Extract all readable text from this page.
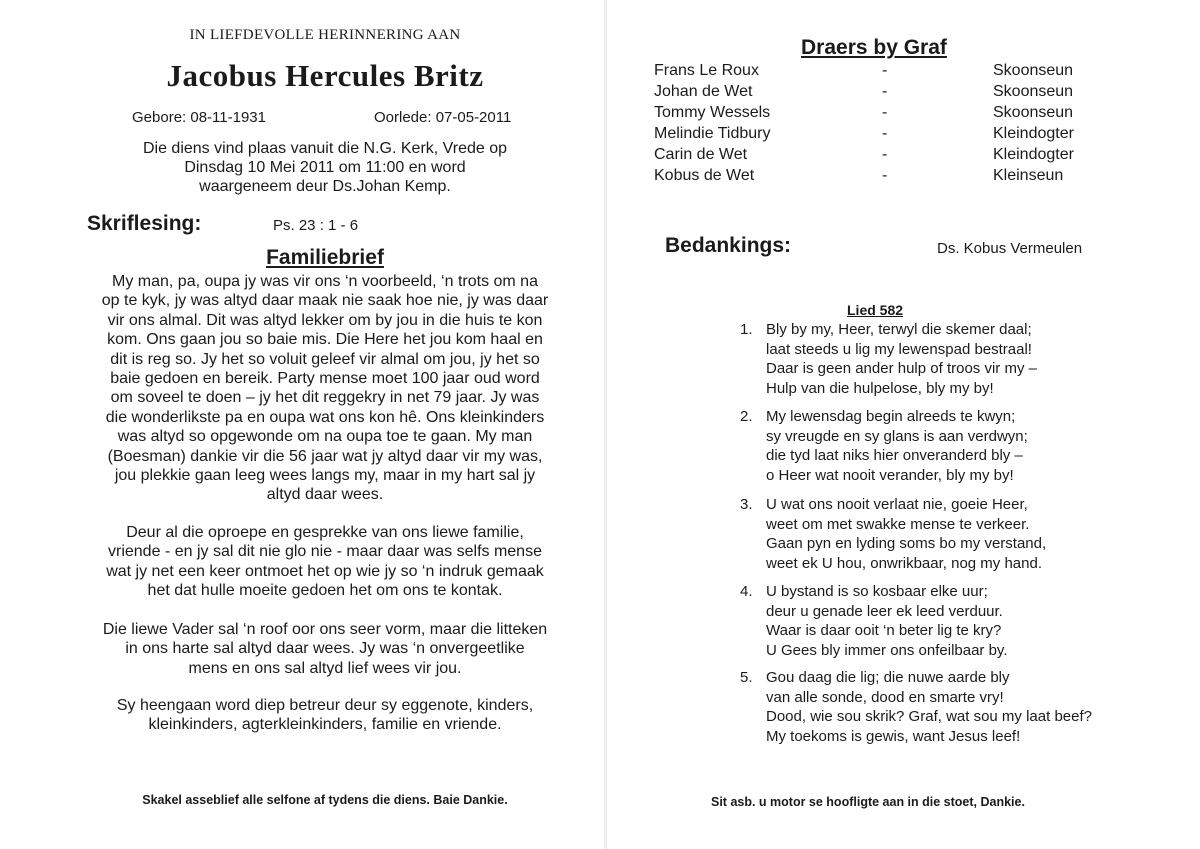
IN LIEFDEVOLLE HERINNERING AAN
Jacobus Hercules Britz
Gebore: 08-11-1931	Oorlede: 07-05-2011
Die diens vind plaas vanuit die N.G. Kerk, Vrede op
Dinsdag 10 Mei 2011 om 11:00 en word
waargeneem deur Ds.Johan Kemp.
Skriflesing:	Ps. 23 : 1 - 6
Familiebrief
My man, pa, oupa jy was vir ons ‘n voorbeeld, ‘n trots om na
op te kyk, jy was altyd daar maak nie saak hoe nie, jy was daar
vir ons almal. Dit was altyd lekker om by jou in die huis te kon
kom. Ons gaan jou so baie mis. Die Here het jou kom haal en
dit is reg so. Jy het so voluit geleef vir almal om jou, jy het so
baie gedoen en bereik. Party mense moet 100 jaar oud word
om soveel te doen – jy het dit reggekry in net 79 jaar. Jy was
die wonderlikste pa en oupa wat ons kon hê. Ons kleinkinders
was altyd so opgewonde om na oupa toe te gaan. My man
(Boesman) dankie vir die 56 jaar wat jy altyd daar vir my was,
jou plekkie gaan leeg wees langs my, maar in my hart sal jy
altyd daar wees.
Deur al die oproepe en gesprekke van ons liewe familie,
vriende - en jy sal dit nie glo nie - maar daar was selfs mense
wat jy net een keer ontmoet het op wie jy so ‘n indruk gemaak
het dat hulle moeite gedoen het om ons te kontak.
Die liewe Vader sal ‘n roof oor ons seer vorm, maar die litteken
in ons harte sal altyd daar wees. Jy was ‘n onvergeetlike
mens en ons sal altyd lief wees vir jou.
Sy heengaan word diep betreur deur sy eggenote, kinders,
kleinkinders, agterkleinkinders, familie en vriende.
Skakel asseblief alle selfone af tydens die diens. Baie Dankie.
Draers by Graf
Frans Le Roux	-	Skoonseun
Johan de Wet	-	Skoonseun
Tommy Wessels	-	Skoonseun
Melindie Tidbury	-	Kleindogter
Carin de Wet	-	Kleindogter
Kobus de Wet	-	Kleinseun
Bedankings:	Ds. Kobus Vermeulen
Lied 582
1. Bly by my, Heer, terwyl die skemer daal;
laat steeds u lig my lewenspad bestraal!
Daar is geen ander hulp of troos vir my –
Hulp van die hulpelose, bly my by!
2. My lewensdag begin alreeds te kwyn;
sy vreugde en sy glans is aan verdwyn;
die tyd laat niks hier onveranderd bly –
o Heer wat nooit verander, bly my by!
3. U wat ons nooit verlaat nie, goeie Heer,
weet om met swakke mense te verkeer.
Gaan pyn en lyding soms bo my verstand,
weet ek U hou, onwrikbaar, nog my hand.
4. U bystand is so kosbaar elke uur;
deur u genade leer ek leed verduur.
Waar is daar ooit ‘n beter lig te kry?
U Gees bly immer ons onfeilbaar by.
5. Gou daag die lig; die nuwe aarde bly
van alle sonde, dood en smarte vry!
Dood, wie sou skrik? Graf, wat sou my laat beef?
My toekoms is gewis, want Jesus leef!
Sit asb. u motor se hoofligte aan in die stoet, Dankie.
